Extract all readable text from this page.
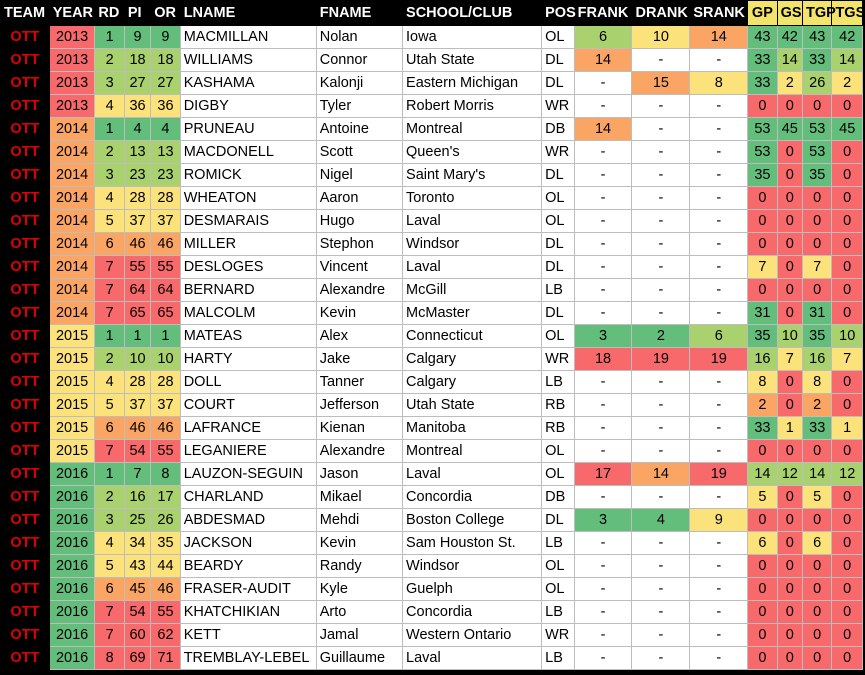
TEAM	YEAR	RD	PI	OR	LNAME	FNAME	SCHOOL/CLUB	POS	FRANK	DRANK	SRANK	GP	GS	TGP	TGS
OTT	2013	1	9	9	MACMILLAN	Nolan	Iowa	OL	6	10	14	43	42	43	42
OTT	2013	2	18	18	WILLIAMS	Connor	Utah State	DL	14	-	-	33	14	33	14
OTT	2013	3	27	27	KASHAMA	Kalonji	Eastern Michigan	DL	-	15	8	33	2	26	2
OTT	2013	4	36	36	DIGBY	Tyler	Robert Morris	WR	-	-	-	0	0	0	0
OTT	2014	1	4	4	PRUNEAU	Antoine	Montreal	DB	14	-	-	53	45	53	45
OTT	2014	2	13	13	MACDONELL	Scott	Queen's	WR	-	-	-	53	0	53	0
OTT	2014	3	23	23	ROMICK	Nigel	Saint Mary's	DL	-	-	-	35	0	35	0
OTT	2014	4	28	28	WHEATON	Aaron	Toronto	OL	-	-	-	0	0	0	0
OTT	2014	5	37	37	DESMARAIS	Hugo	Laval	OL	-	-	-	0	0	0	0
OTT	2014	6	46	46	MILLER	Stephon	Windsor	DL	-	-	-	0	0	0	0
OTT	2014	7	55	55	DESLOGES	Vincent	Laval	DL	-	-	-	7	0	7	0
OTT	2014	7	64	64	BERNARD	Alexandre	McGill	LB	-	-	-	0	0	0	0
OTT	2014	7	65	65	MALCOLM	Kevin	McMaster	DL	-	-	-	31	0	31	0
OTT	2015	1	1	1	MATEAS	Alex	Connecticut	OL	3	2	6	35	10	35	10
OTT	2015	2	10	10	HARTY	Jake	Calgary	WR	18	19	19	16	7	16	7
OTT	2015	4	28	28	DOLL	Tanner	Calgary	LB	-	-	-	8	0	8	0
OTT	2015	5	37	37	COURT	Jefferson	Utah State	RB	-	-	-	2	0	2	0
OTT	2015	6	46	46	LAFRANCE	Kienan	Manitoba	RB	-	-	-	33	1	33	1
OTT	2015	7	54	55	LEGANIERE	Alexandre	Montreal	OL	-	-	-	0	0	0	0
OTT	2016	1	7	8	LAUZON-SEGUIN	Jason	Laval	OL	17	14	19	14	12	14	12
OTT	2016	2	16	17	CHARLAND	Mikael	Concordia	DB	-	-	-	5	0	5	0
OTT	2016	3	25	26	ABDESMAD	Mehdi	Boston College	DL	3	4	9	0	0	0	0
OTT	2016	4	34	35	JACKSON	Kevin	Sam Houston St.	LB	-	-	-	6	0	6	0
OTT	2016	5	43	44	BEARDY	Randy	Windsor	OL	-	-	-	0	0	0	0
OTT	2016	6	45	46	FRASER-AUDIT	Kyle	Guelph	OL	-	-	-	0	0	0	0
OTT	2016	7	54	55	KHATCHIKIAN	Arto	Concordia	LB	-	-	-	0	0	0	0
OTT	2016	7	60	62	KETT	Jamal	Western Ontario	WR	-	-	-	0	0	0	0
OTT	2016	8	69	71	TREMBLAY-LEBEL	Guillaume	Laval	LB	-	-	-	0	0	0	0
